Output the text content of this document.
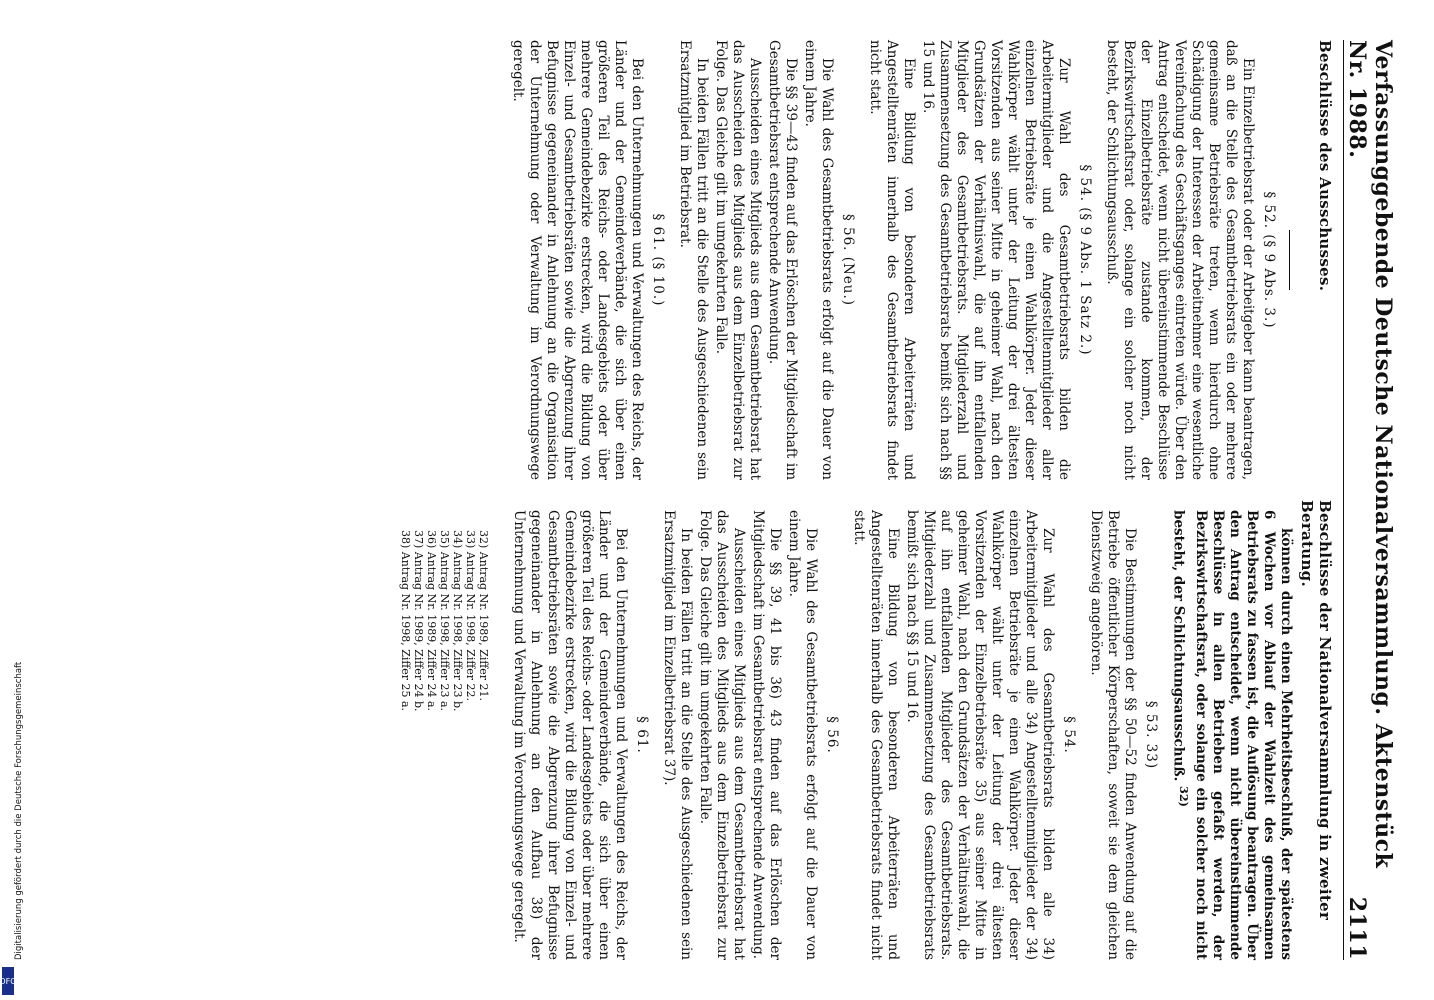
Verfassunggebende Deutsche Nationalversammlung. Aktenstück Nr. 1988.
2111
Beschlüsse des Ausschusses.
Beschlüsse der Nationalversammlung in zweiter Beratung.
§ 52. (§ 9 Abs. 3.)

Ein Einzelbetriebsrat oder der Arbeitgeber kann beantragen, daß an die Stelle des Gesamtbetriebsrats ein oder mehrere gemeinsame Betriebsräte treten, wenn hierdurch ohne Schädigung der Interessen der Arbeitnehmer eine wesentliche Vereinfachung des Geschäftsganges eintreten würde. Über den Antrag entscheidet, wenn nicht übereinstimmende Beschlüsse der Einzelbetriebsräte zustande kommen, der Bezirkswirtschaftsrat oder, solange ein solcher noch nicht besteht, der Schlichtungsausschuß.

§ 54. (§ 9 Abs. 1 Satz 2.)

Zur Wahl des Gesamtbetriebsrats bilden die Arbeitermitglieder und die Angestelltenmitglieder aller einzelnen Betriebsräte je einen Wahlkörper. Jeder dieser Wahlkörper wählt unter der Leitung der drei ältesten Vorsitzenden aus seiner Mitte in geheimer Wahl, nach den Grundsätzen der Verhältniswahl, die auf ihn entfallenden Mitglieder des Gesamtbetriebsrats. Mitgliederzahl und Zusammensetzung des Gesamtbetriebsrats bemißt sich nach §§ 15 und 16.

Eine Bildung von besonderen Arbeiterräten und Angestelltenräten innerhalb des Gesamtbetriebsrats findet nicht statt.

§ 56. (Neu.)

Die Wahl des Gesamtbetriebsrats erfolgt auf die Dauer von einem Jahre.

Die §§ 39—43 finden auf das Erlöschen der Mitgliedschaft im Gesamtbetriebsrat entsprechende Anwendung.

Ausscheiden eines Mitglieds aus dem Gesamtbetriebsrat hat das Ausscheiden des Mitglieds aus dem Einzelbetriebsrat zur Folge. Das Gleiche gilt im umgekehrten Falle.

In beiden Fällen tritt an die Stelle des Ausgeschiedenen sein Ersatzmitglied im Betriebsrat.

§ 61. (§ 10.)

Bei den Unternehmungen und Verwaltungen des Reichs, der Länder und der Gemeindeverbände, die sich über einen größeren Teil des Reichs- oder Landesgebiets oder über mehrere Gemeindebezirke erstrecken, wird die Bildung von Einzel- und Gesamtbetriebsräten sowie die Abgrenzung ihrer Befugnisse gegeneinander in Anlehnung an die Organisation der Unternehmung oder Verwaltung im Verordnungswege geregelt.

können durch einen Mehrheitsbeschluß, der spätestens 6 Wochen vor Ablauf der Wahlzeit des gemeinsamen Betriebsrats zu fassen ist, die Auflösung beantragen. Über den Antrag entscheidet, wenn nicht übereinstimmende Beschlüsse in allen Betrieben gefaßt werden, der Bezirkswirtschaftsrat, oder solange ein solcher noch nicht besteht, der Schlichtungsausschuß. $^{32)}$

§ 53. 33)

Die Bestimmungen der §§ 50—52 finden Anwendung auf die Betriebe öffentlicher Körperschaften, soweit sie dem gleichen Dienstzweig angehören.

§ 54.

Zur Wahl des Gesamtbetriebsrats bilden alle 34) Arbeitermitglieder und alle 34) Angestelltenmitglieder der 34) einzelnen Betriebsräte je einen Wahlkörper. Jeder dieser Wahlkörper wählt unter der Leitung der drei ältesten Vorsitzenden der Einzelbetriebsräte 35) aus seiner Mitte in geheimer Wahl, nach den Grundsätzen der Verhältniswahl, die auf ihn entfallenden Mitglieder des Gesamtbetriebsrats. Mitgliederzahl und Zusammensetzung des Gesamtbetriebsrats bemißt sich nach §§ 15 und 16.

Eine Bildung von besonderen Arbeiterräten und Angestelltenräten innerhalb des Gesamtbetriebsrats findet nicht statt.

§ 56.

Die Wahl des Gesamtbetriebsrats erfolgt auf die Dauer von einem Jahre.

Die §§ 39, 41 bis 36) 43 finden auf das Erlöschen der Mitgliedschaft im Gesamtbetriebsrat entsprechende Anwendung.

Ausscheiden eines Mitglieds aus dem Gesamtbetriebsrat hat das Ausscheiden des Mitglieds aus dem Einzelbetriebsrat zur Folge. Das Gleiche gilt im umgekehrten Falle.

In beiden Fällen tritt an die Stelle des Ausgeschiedenen sein Ersatzmitglied im Einzelbetriebsrat 37).

§ 61.

Bei den Unternehmungen und Verwaltungen des Reichs, der Länder und der Gemeindeverbände, die sich über einen größeren Teil des Reichs- oder Landesgebiets oder über mehrere Gemeindebezirke erstrecken, wird die Bildung von Einzel- und Gesamtbetriebsräten sowie die Abgrenzung ihrer Befugnisse gegeneinander in Anlehnung an den Aufbau 38) der Unternehmung und Verwaltung im Verordnungswege geregelt.

32) Antrag Nr. 1989, Ziffer 21.
33) Antrag Nr. 1998, Ziffer 22.
34) Antrag Nr. 1998, Ziffer 23 b.
35) Antrag Nr. 1998, Ziffer 23 a.
36) Antrag Nr. 1989, Ziffer 24 a.
37) Antrag Nr. 1989, Ziffer 24 b.
38) Antrag Nr. 1998, Ziffer 25 a.
DFG
Digitalisierung gefördert durch die Deutsche Forschungsgemeinschaft
